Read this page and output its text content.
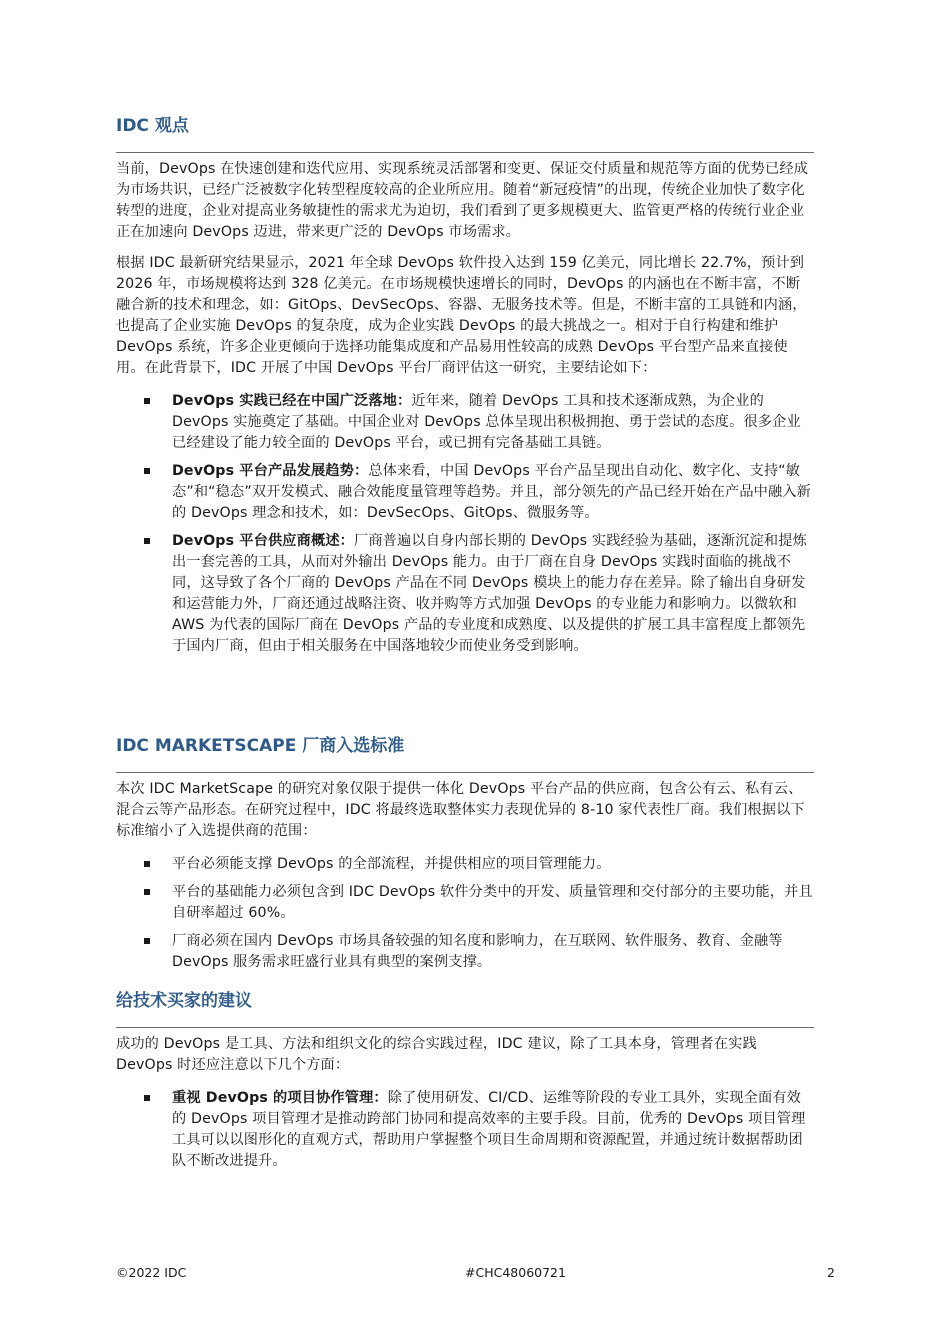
IDC 观点

当前，DevOps 在快速创建和迭代应用、实现系统灵活部署和变更、保证交付质量和规范等方面的优势已经成为市场共识，已经广泛被数字化转型程度较高的企业所应用。随着“新冠疫情”的出现，传统企业加快了数字化转型的进度，企业对提高业务敏捷性的需求尤为迫切，我们看到了更多规模更大、监管更严格的传统行业企业正在加速向 DevOps 迈进，带来更广泛的 DevOps 市场需求。

根据 IDC 最新研究结果显示，2021 年全球 DevOps 软件投入达到 159 亿美元，同比增长 22.7%，预计到 2026 年，市场规模将达到 328 亿美元。在市场规模快速增长的同时，DevOps 的内涵也在不断丰富，不断融合新的技术和理念，如：GitOps、DevSecOps、容器、无服务技术等。但是，不断丰富的工具链和内涵，也提高了企业实施 DevOps 的复杂度，成为企业实践 DevOps 的最大挑战之一。相对于自行构建和维护 DevOps 系统，许多企业更倾向于选择功能集成度和产品易用性较高的成熟 DevOps 平台型产品来直接使用。在此背景下，IDC 开展了中国 DevOps 平台厂商评估这一研究，主要结论如下：

DevOps 实践已经在中国广泛落地：近年来，随着 DevOps 工具和技术逐渐成熟，为企业的 DevOps 实施奠定了基础。中国企业对 DevOps 总体呈现出积极拥抱、勇于尝试的态度。很多企业已经建设了能力较全面的 DevOps 平台，或已拥有完备基础工具链。
DevOps 平台产品发展趋势：总体来看，中国 DevOps 平台产品呈现出自动化、数字化、支持“敏态”和“稳态”双开发模式、融合效能度量管理等趋势。并且，部分领先的产品已经开始在产品中融入新的 DevOps 理念和技术，如：DevSecOps、GitOps、微服务等。
DevOps 平台供应商概述：厂商普遍以自身内部长期的 DevOps 实践经验为基础，逐渐沉淀和提炼出一套完善的工具，从而对外输出 DevOps 能力。由于厂商在自身 DevOps 实践时面临的挑战不同，这导致了各个厂商的 DevOps 产品在不同 DevOps 模块上的能力存在差异。除了输出自身研发和运营能力外，厂商还通过战略注资、收并购等方式加强 DevOps 的专业能力和影响力。以微软和 AWS 为代表的国际厂商在 DevOps 产品的专业度和成熟度、以及提供的扩展工具丰富程度上都领先于国内厂商，但由于相关服务在中国落地较少而使业务受到影响。
IDC MARKETSCAPE 厂商入选标准

本次 IDC MarketScape 的研究对象仅限于提供一体化 DevOps 平台产品的供应商，包含公有云、私有云、混合云等产品形态。在研究过程中，IDC 将最终选取整体实力表现优异的 8-10 家代表性厂商。我们根据以下标准缩小了入选提供商的范围：

平台必须能支撑 DevOps 的全部流程，并提供相应的项目管理能力。
平台的基础能力必须包含到 IDC DevOps 软件分类中的开发、质量管理和交付部分的主要功能，并且自研率超过 60%。
厂商必须在国内 DevOps 市场具备较强的知名度和影响力，在互联网、软件服务、教育、金融等 DevOps 服务需求旺盛行业具有典型的案例支撑。
给技术买家的建议

成功的 DevOps 是工具、方法和组织文化的综合实践过程，IDC 建议，除了工具本身，管理者在实践 DevOps 时还应注意以下几个方面：

重视 DevOps 的项目协作管理：除了使用研发、CI/CD、运维等阶段的专业工具外，实现全面有效的 DevOps 项目管理才是推动跨部门协同和提高效率的主要手段。目前，优秀的 DevOps 项目管理工具可以以图形化的直观方式，帮助用户掌握整个项目生命周期和资源配置，并通过统计数据帮助团队不断改进提升。
©2022 IDC	#CHC48060721	2
